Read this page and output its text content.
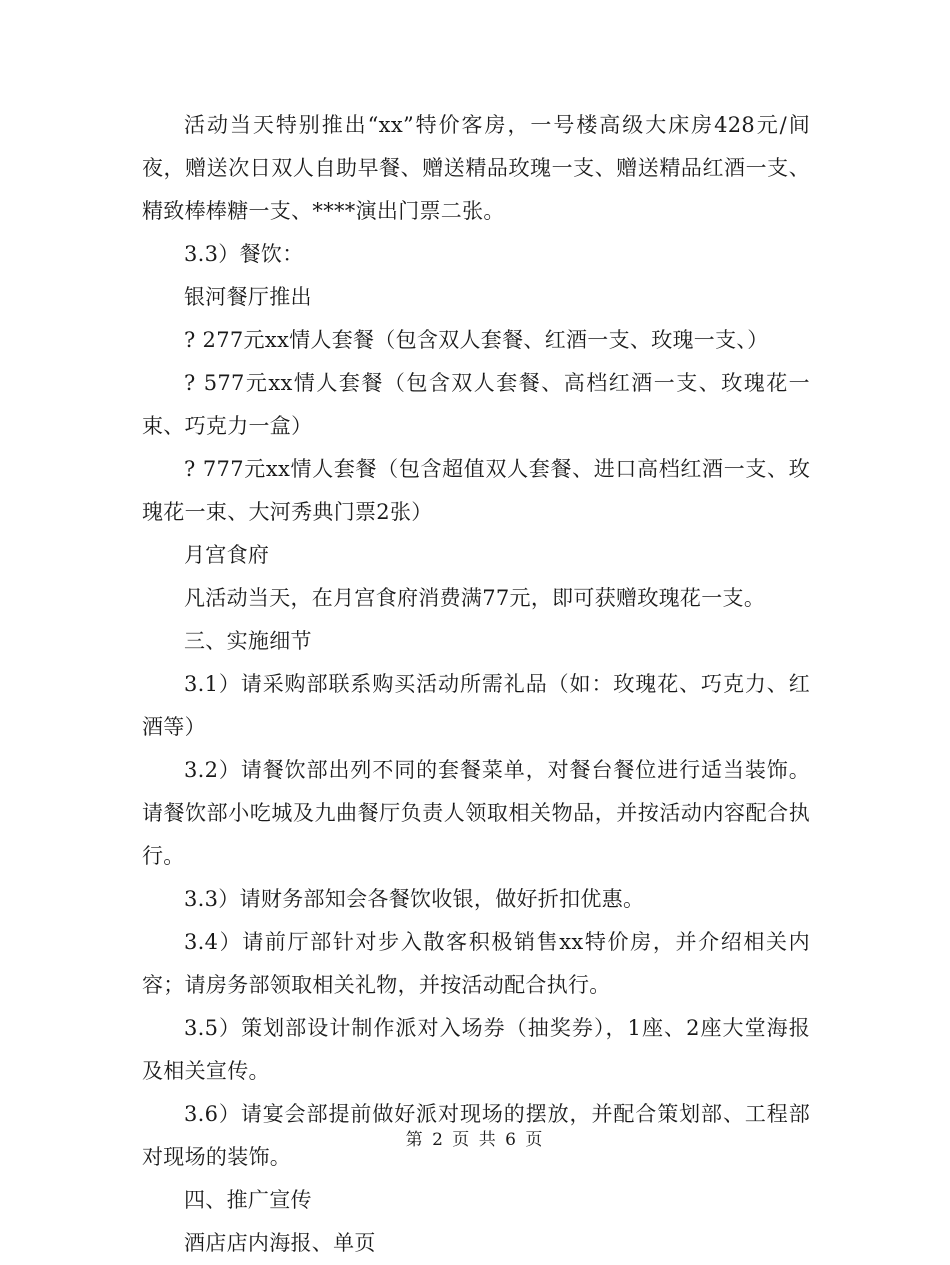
活动当天特别推出“xx”特价客房，一号楼高级大床房428元/间夜，赠送次日双人自助早餐、赠送精品玫瑰一支、赠送精品红酒一支、精致棒棒糖一支、****演出门票二张。

3.3）餐饮：

银河餐厅推出

? 277元xx情人套餐（包含双人套餐、红酒一支、玫瑰一支、）

? 577元xx情人套餐（包含双人套餐、高档红酒一支、玫瑰花一束、巧克力一盒）

? 777元xx情人套餐（包含超值双人套餐、进口高档红酒一支、玫瑰花一束、大河秀典门票2张）

月宫食府

凡活动当天，在月宫食府消费满77元，即可获赠玫瑰花一支。

三、实施细节

3.1）请采购部联系购买活动所需礼品（如：玫瑰花、巧克力、红酒等）

3.2）请餐饮部出列不同的套餐菜单，对餐台餐位进行适当装饰。请餐饮部小吃城及九曲餐厅负责人领取相关物品，并按活动内容配合执行。

3.3）请财务部知会各餐饮收银，做好折扣优惠。

3.4）请前厅部针对步入散客积极销售xx特价房，并介绍相关内容；请房务部领取相关礼物，并按活动配合执行。

3.5）策划部设计制作派对入场券（抽奖券），1座、2座大堂海报及相关宣传。

3.6）请宴会部提前做好派对现场的摆放，并配合策划部、工程部对现场的装饰。

四、推广宣传

酒店店内海报、单页

第 2 页 共 6 页
